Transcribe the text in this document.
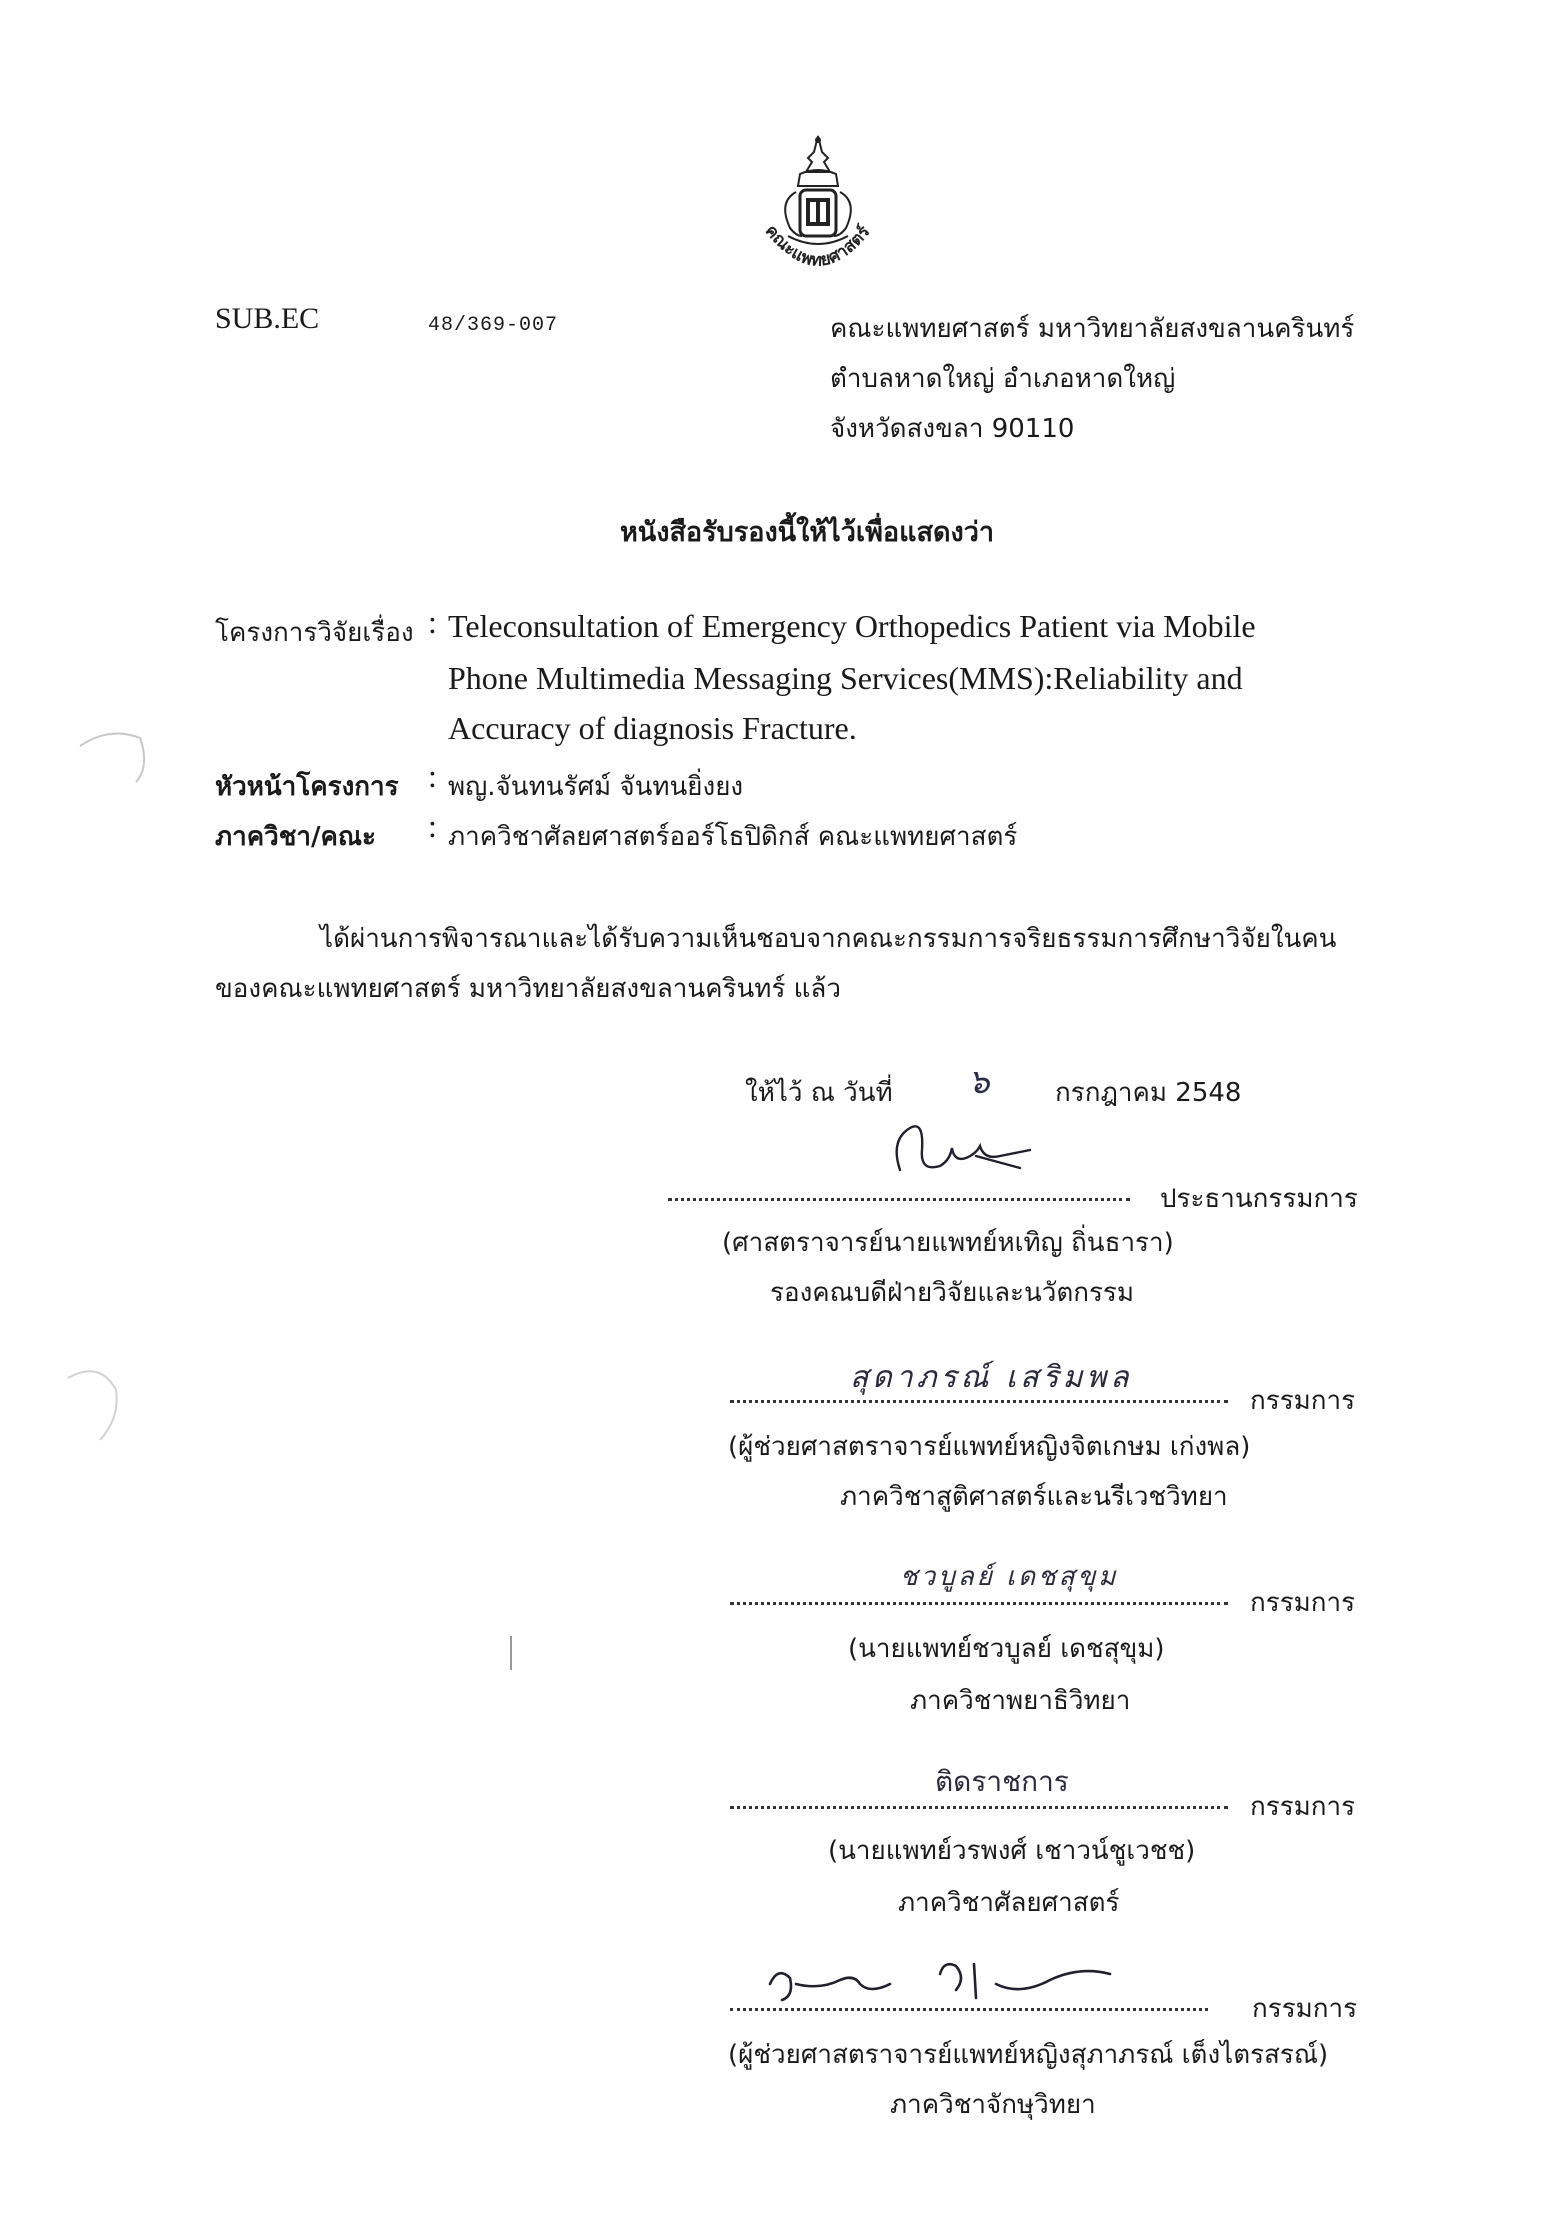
คณะแพทยศาสตร์
SUB.EC	48/369-007	คณะแพทยศาสตร์ มหาวิทยาลัยสงขลานครินทร์
ตำบลหาดใหญ่ อำเภอหาดใหญ่
จังหวัดสงขลา 90110
หนังสือรับรองนี้ให้ไว้เพื่อแสดงว่า
โครงการวิจัยเรื่อง : Teleconsultation of Emergency Orthopedics Patient via Mobile
Phone Multimedia Messaging Services(MMS):Reliability and
Accuracy of diagnosis Fracture.
หัวหน้าโครงการ : พญ.จันทนรัศม์ จันทนยิ่งยง
ภาควิชา/คณะ : ภาควิชาศัลยศาสตร์ออร์โธปิดิกส์ คณะแพทยศาสตร์
ได้ผ่านการพิจารณาและได้รับความเห็นชอบจากคณะกรรมการจริยธรรมการศึกษาวิจัยในคน
ของคณะแพทยศาสตร์ มหาวิทยาลัยสงขลานครินทร์ แล้ว
ให้ไว้ ณ วันที่ ๖	กรกฎาคม 2548
ประธานกรรมการ
(ศาสตราจารย์นายแพทย์หเทิญ ถิ่นธารา)
รองคณบดีฝ่ายวิจัยและนวัตกรรม
สุดาภรณ์ เสริมพล
กรรมการ
(ผู้ช่วยศาสตราจารย์แพทย์หญิงจิตเกษม เก่งพล)
ภาควิชาสูติศาสตร์และนรีเวชวิทยา
ชวบูลย์ เดชสุขุม
กรรมการ
(นายแพทย์ชวบูลย์ เดชสุขุม)
ภาควิชาพยาธิวิทยา
ติดราชการ
กรรมการ
(นายแพทย์วรพงศ์ เชาวน์ชูเวชช)
ภาควิชาศัลยศาสตร์
กรรมการ
(ผู้ช่วยศาสตราจารย์แพทย์หญิงสุภาภรณ์ เต็งไตรสรณ์)
ภาควิชาจักษุวิทยา
